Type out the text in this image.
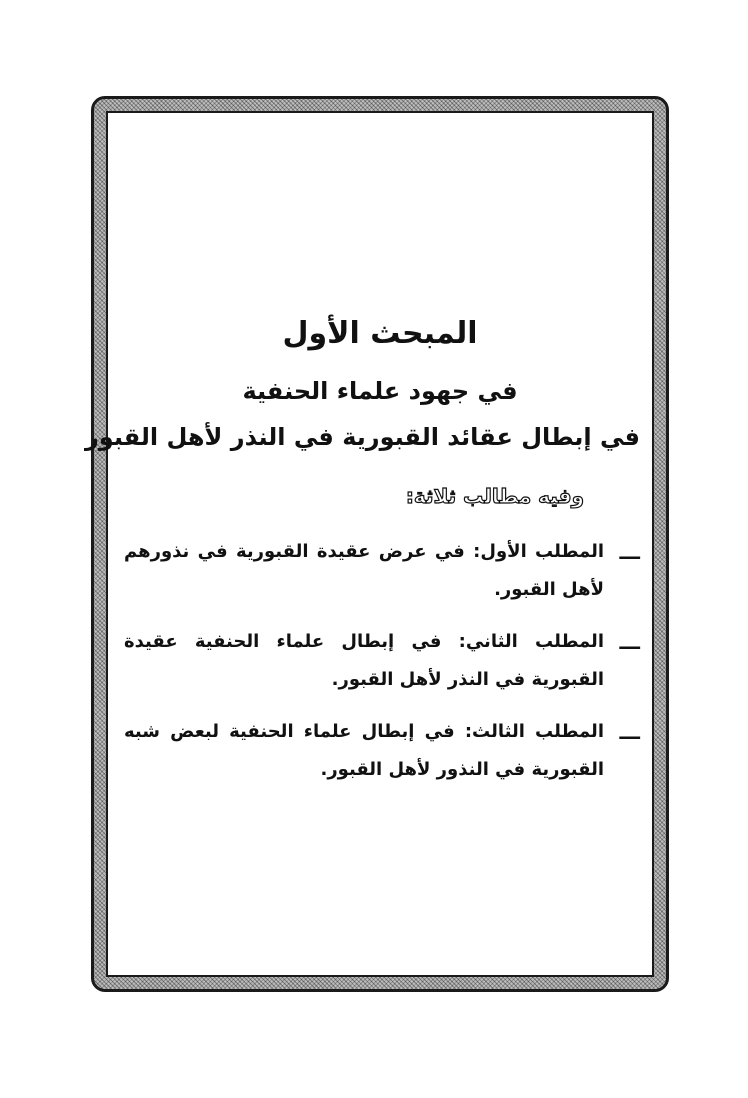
المبحث الأول
في جهود علماء الحنفية
في إبطال عقائد القبورية في النذر لأهل القبور
وفيه مطالب ثلاثة:
ـــ
المطلب الأول: في عرض عقيدة القبورية في نذورهم لأهل القبور.
ـــ
المطلب الثاني: في إبطال علماء الحنفية عقيدة القبورية في النذر لأهل القبور.
ـــ
المطلب الثالث: في إبطال علماء الحنفية لبعض شبه القبورية في النذور لأهل القبور.
